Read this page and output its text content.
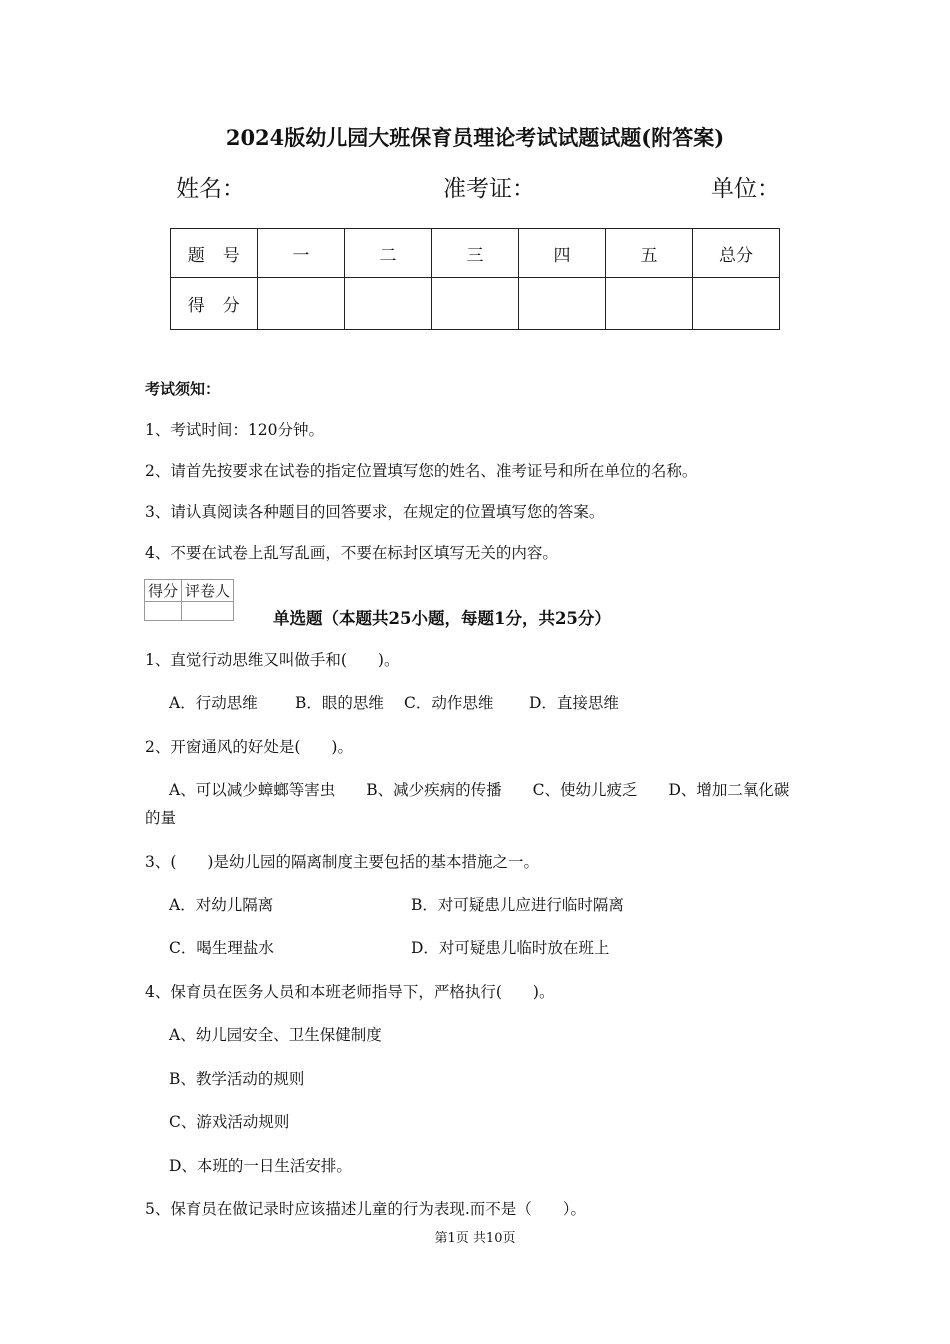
2024版幼儿园大班保育员理论考试试题试题(附答案)
姓名：	准考证：	单位：
题　号	一	二	三	四	五	总分
得　分						
考试须知：
1、考试时间：120分钟。
2、请首先按要求在试卷的指定位置填写您的姓名、准考证号和所在单位的名称。
3、请认真阅读各种题目的回答要求，在规定的位置填写您的答案。
4、不要在试卷上乱写乱画，不要在标封区填写无关的内容。
得分	评卷人

单选题（本题共25小题，每题1分，共25分）
1、直觉行动思维又叫做手和(　　)。
A．行动思维 B．眼的思维 C．动作思维 D．直接思维
2、开窗通风的好处是(　　)。
A、可以减少蟑螂等害虫　　B、减少疾病的传播　　C、使幼儿疲乏　　D、增加二氧化碳
的量
3、(　　)是幼儿园的隔离制度主要包括的基本措施之一。
A．对幼儿隔离	B．对可疑患儿应进行临时隔离
C．喝生理盐水	D．对可疑患儿临时放在班上
4、保育员在医务人员和本班老师指导下，严格执行(　　)。
A、幼儿园安全、卫生保健制度
B、教学活动的规则
C、游戏活动规则
D、本班的一日生活安排。
5、保育员在做记录时应该描述儿童的行为表现.而不是（　　）。
第1页 共10页
